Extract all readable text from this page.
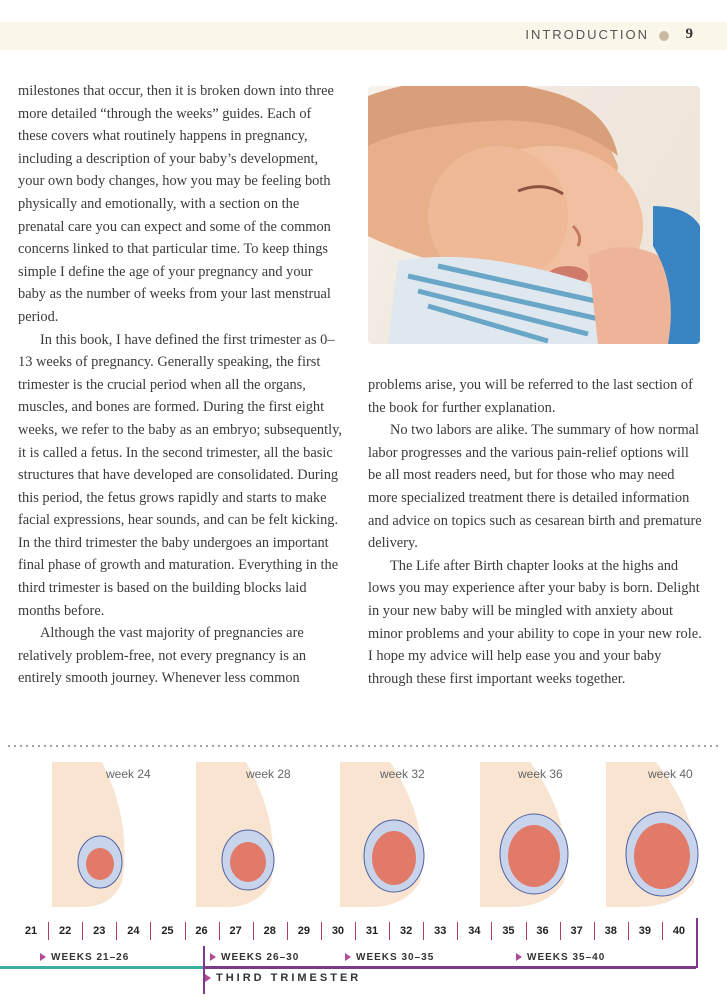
INTRODUCTION 9

milestones that occur, then it is broken down into three more detailed “through the weeks” guides. Each of these covers what routinely happens in pregnancy, including a description of your baby’s development, your own body changes, how you may be feeling both physically and emotionally, with a section on the prenatal care you can expect and some of the common concerns linked to that particular time. To keep things simple I define the age of your pregnancy and your baby as the number of weeks from your last menstrual period.

In this book, I have defined the first trimester as 0–13 weeks of pregnancy. Generally speaking, the first trimester is the crucial period when all the organs, muscles, and bones are formed. During the first eight weeks, we refer to the baby as an embryo; subsequently, it is called a fetus. In the second trimester, all the basic structures that have developed are consolidated. During this period, the fetus grows rapidly and starts to make facial expressions, hear sounds, and can be felt kicking. In the third trimester the baby undergoes an important final phase of growth and maturation. Everything in the third trimester is based on the building blocks laid months before.

Although the vast majority of pregnancies are relatively problem-free, not every pregnancy is an entirely smooth journey. Whenever less common

problems arise, you will be referred to the last section of the book for further explanation.

No two labors are alike. The summary of how normal labor progresses and the various pain-relief options will be all most readers need, but for those who may need more specialized treatment there is detailed information and advice on topics such as cesarean birth and premature delivery.

The Life after Birth chapter looks at the highs and lows you may experience after your baby is born. Delight in your new baby will be mingled with anxiety about minor problems and your ability to cope in your new role. I hope my advice will help ease you and your baby through these first important weeks together.

week 24	week 28	week 32	week 36	week 40
21	22	23	24	25	26	27	28	29	30	31	32	33	34	35	36	37	38	39	40
WEEKS 21–26	WEEKS 26–30	WEEKS 30–35	WEEKS 35–40
THIRD TRIMESTER
